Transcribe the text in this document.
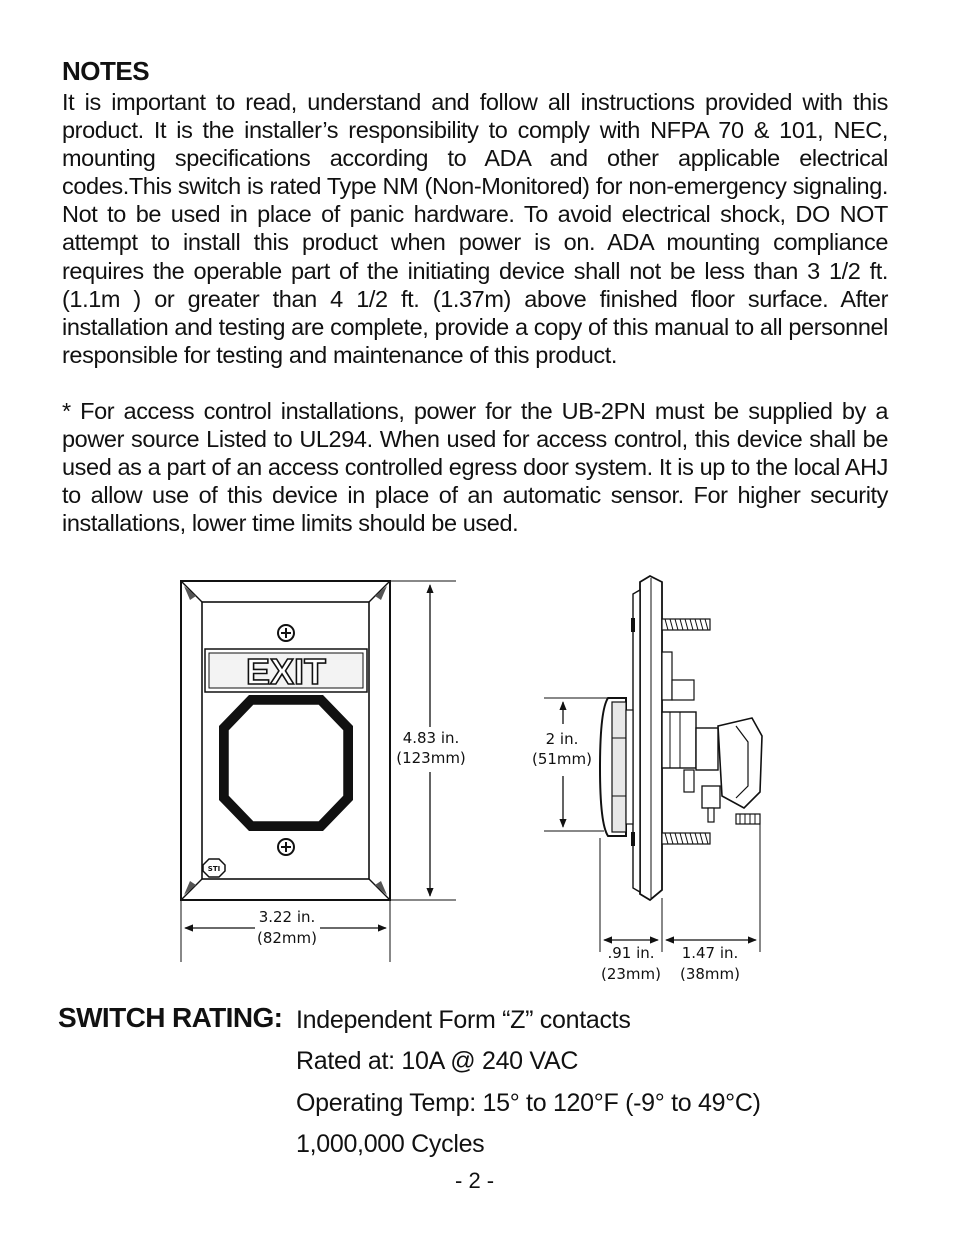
NOTES
It is important to read, understand and follow all instructions provided with this product. It is the installer’s responsibility to comply with NFPA 70 & 101, NEC, mounting specifications according to ADA and other applicable electrical codes.This switch is rated Type NM (Non-Monitored) for non-emergency signaling. Not to be used in place of panic hardware. To avoid electrical shock, DO NOT attempt to install this product when power is on. ADA mounting compliance requires the operable part of the initiating device shall not be less than 3 1/2 ft. (1.1m ) or greater than 4 1/2 ft. (1.37m) above finished floor surface. After installation and testing are complete, provide a copy of this manual to all personnel responsible for testing and maintenance of this product.
* For access control installations, power for the UB-2PN must be supplied by a power source Listed to UL294. When used for access control, this device shall be used as a part of an access controlled egress door system. It is up to the local AHJ to allow use of this device in place of an automatic sensor. For higher security installations, lower time limits should be used.
EXIT
STI
4.83 in.
(123mm)
3.22 in.
(82mm)
2 in.
(51mm)
.91 in.
(23mm)
1.47 in.
(38mm)
SWITCH RATING: Independent Form “Z” contacts
Rated at: 10A @ 240 VAC
Operating Temp: 15° to 120°F (-9° to 49°C)
1,000,000 Cycles
- 2 -
